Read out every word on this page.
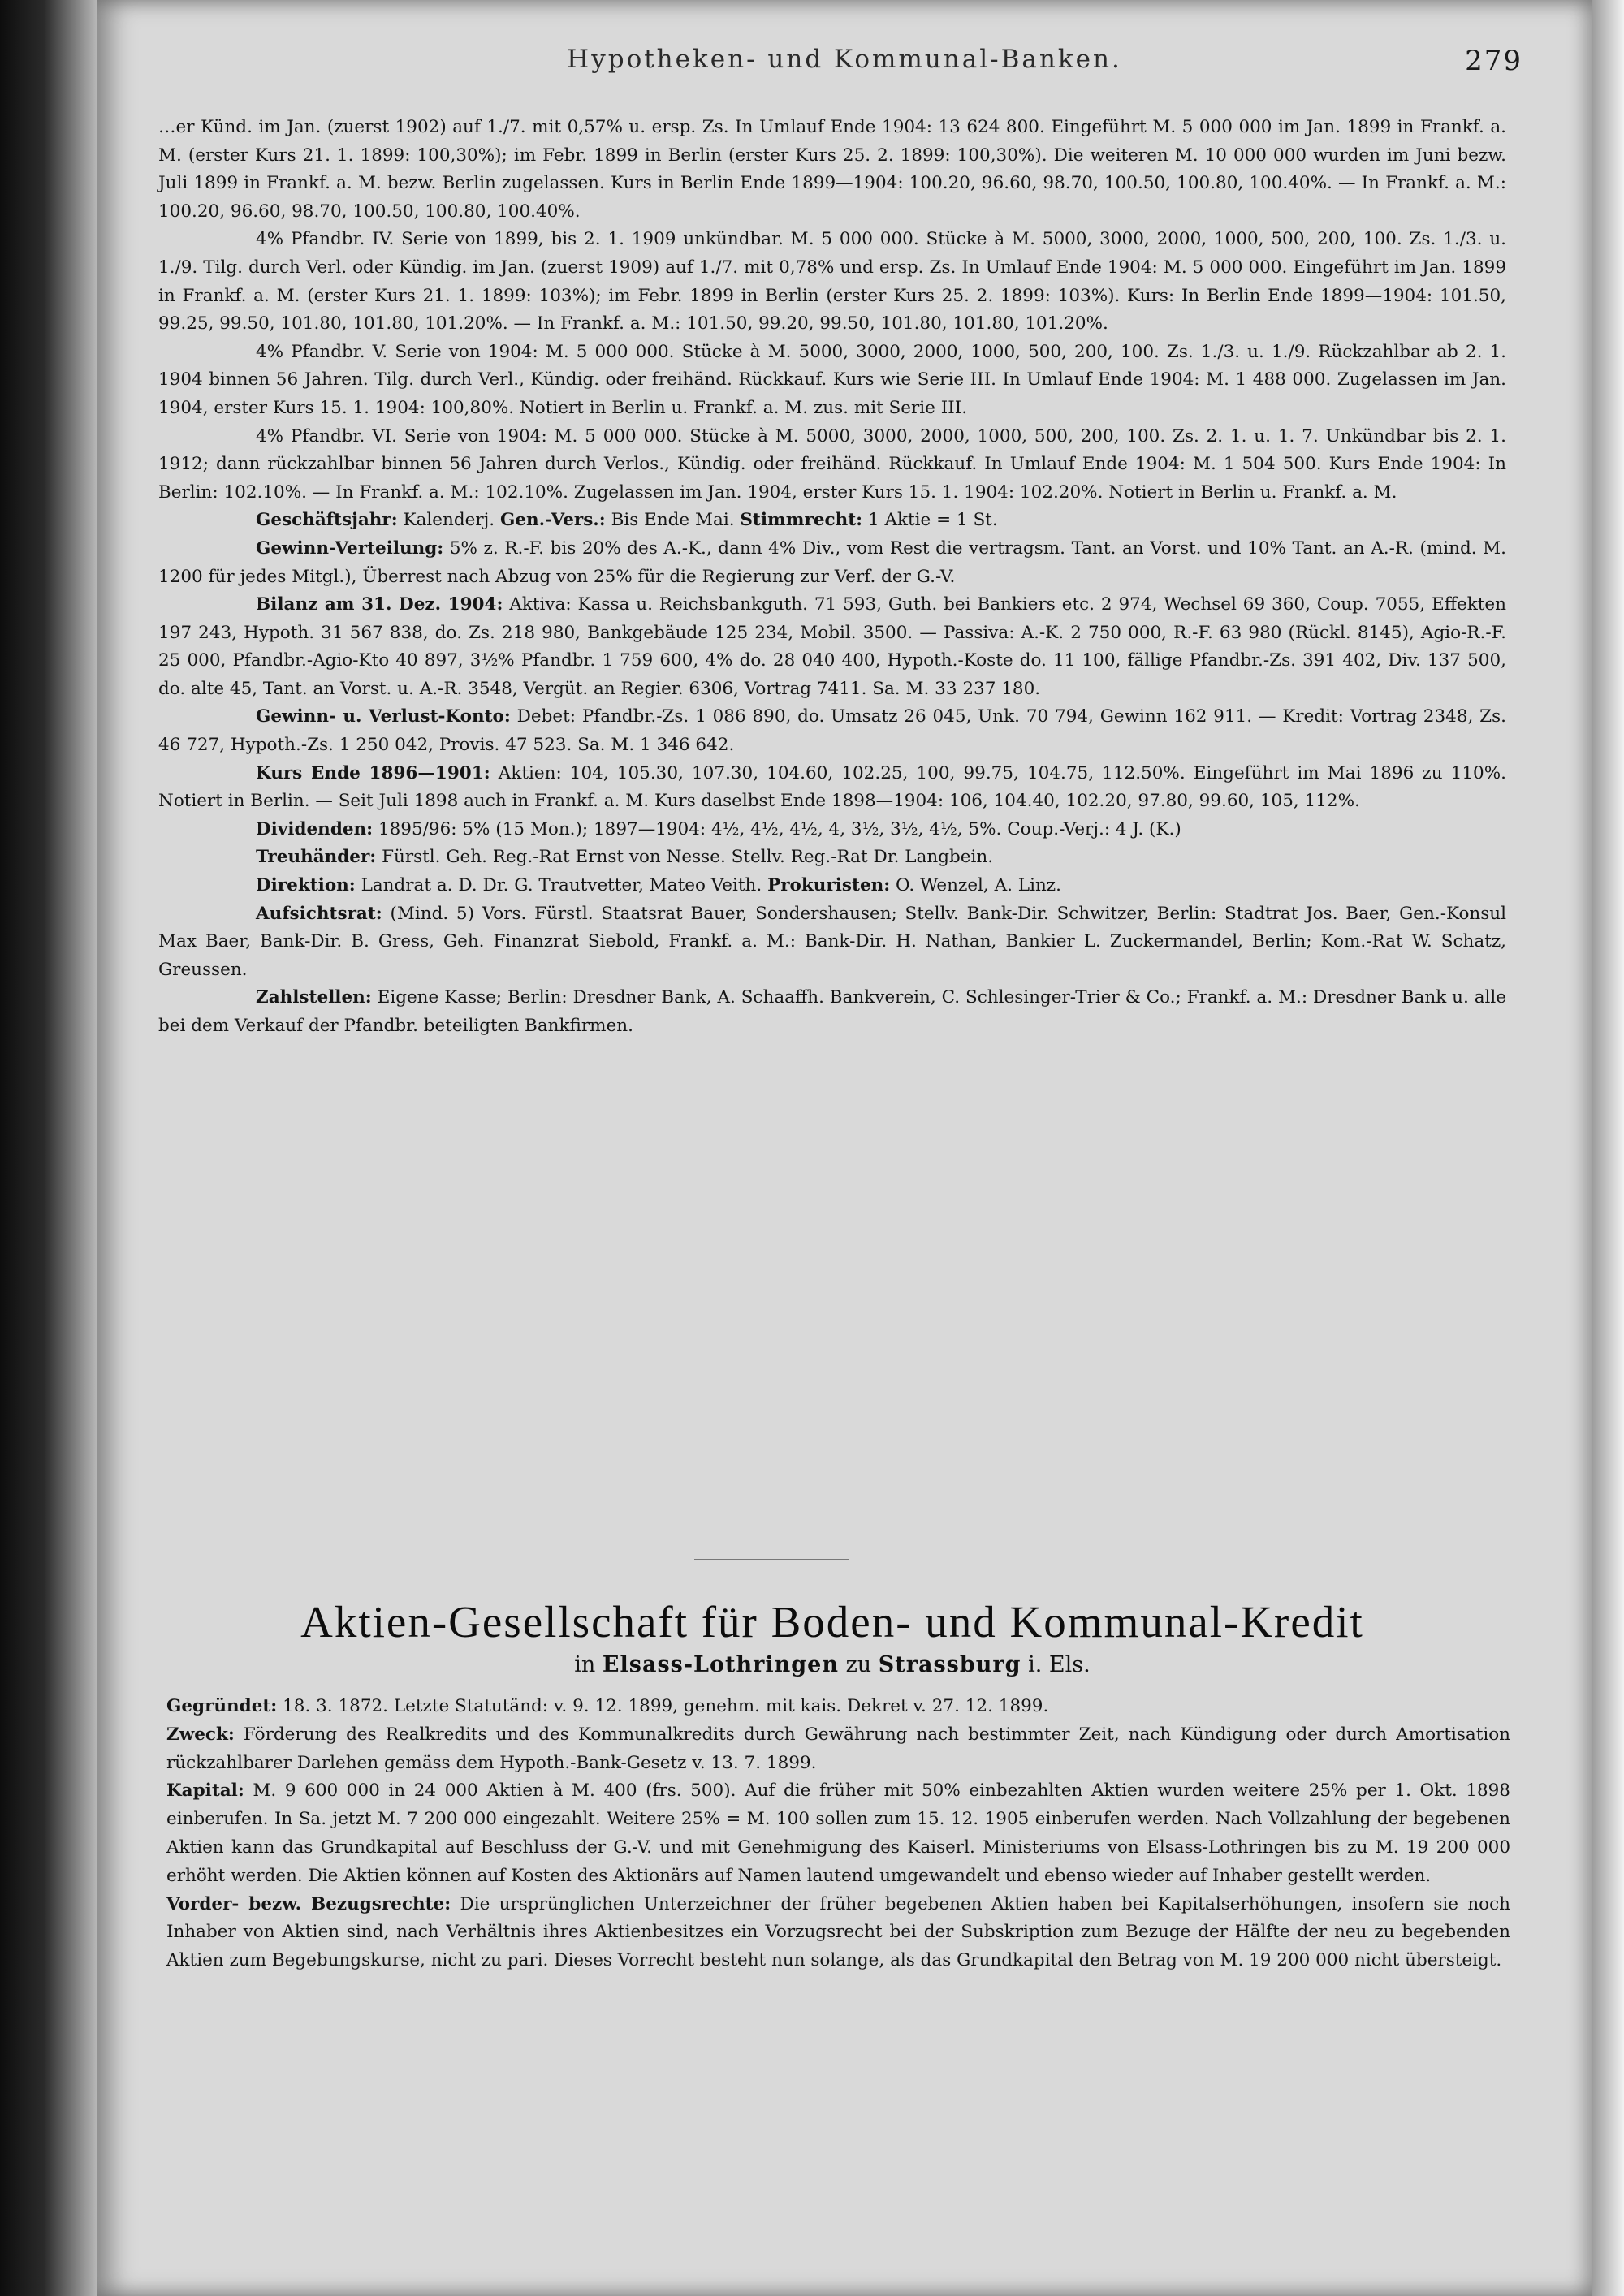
Hypotheken- und Kommunal-Banken.	279

…er Künd. im Jan. (zuerst 1902) auf 1./7. mit 0,57% u. ersp. Zs. In Umlauf Ende 1904: 13 624 800. Eingeführt M. 5 000 000 im Jan. 1899 in Frankf. a. M. (erster Kurs 21. 1. 1899: 100,30%); im Febr. 1899 in Berlin (erster Kurs 25. 2. 1899: 100,30%). Die weiteren M. 10 000 000 wurden im Juni bezw. Juli 1899 in Frankf. a. M. bezw. Berlin zugelassen. Kurs in Berlin Ende 1899—1904: 100.20, 96.60, 98.70, 100.50, 100.80, 100.40%. — In Frankf. a. M.: 100.20, 96.60, 98.70, 100.50, 100.80, 100.40%.

4% Pfandbr. IV. Serie von 1899, bis 2. 1. 1909 unkündbar. M. 5 000 000. Stücke à M. 5000, 3000, 2000, 1000, 500, 200, 100. Zs. 1./3. u. 1./9. Tilg. durch Verl. oder Kündig. im Jan. (zuerst 1909) auf 1./7. mit 0,78% und ersp. Zs. In Umlauf Ende 1904: M. 5 000 000. Eingeführt im Jan. 1899 in Frankf. a. M. (erster Kurs 21. 1. 1899: 103%); im Febr. 1899 in Berlin (erster Kurs 25. 2. 1899: 103%). Kurs: In Berlin Ende 1899—1904: 101.50, 99.25, 99.50, 101.80, 101.80, 101.20%. — In Frankf. a. M.: 101.50, 99.20, 99.50, 101.80, 101.80, 101.20%.

4% Pfandbr. V. Serie von 1904: M. 5 000 000. Stücke à M. 5000, 3000, 2000, 1000, 500, 200, 100. Zs. 1./3. u. 1./9. Rückzahlbar ab 2. 1. 1904 binnen 56 Jahren. Tilg. durch Verl., Kündig. oder freihänd. Rückkauf. Kurs wie Serie III. In Umlauf Ende 1904: M. 1 488 000. Zugelassen im Jan. 1904, erster Kurs 15. 1. 1904: 100,80%. Notiert in Berlin u. Frankf. a. M. zus. mit Serie III.

4% Pfandbr. VI. Serie von 1904: M. 5 000 000. Stücke à M. 5000, 3000, 2000, 1000, 500, 200, 100. Zs. 2. 1. u. 1. 7. Unkündbar bis 2. 1. 1912; dann rückzahlbar binnen 56 Jahren durch Verlos., Kündig. oder freihänd. Rückkauf. In Umlauf Ende 1904: M. 1 504 500. Kurs Ende 1904: In Berlin: 102.10%. — In Frankf. a. M.: 102.10%. Zugelassen im Jan. 1904, erster Kurs 15. 1. 1904: 102.20%. Notiert in Berlin u. Frankf. a. M.

Geschäftsjahr: Kalenderj. Gen.-Vers.: Bis Ende Mai. Stimmrecht: 1 Aktie = 1 St.

Gewinn-Verteilung: 5% z. R.-F. bis 20% des A.-K., dann 4% Div., vom Rest die vertragsm. Tant. an Vorst. und 10% Tant. an A.-R. (mind. M. 1200 für jedes Mitgl.), Überrest nach Abzug von 25% für die Regierung zur Verf. der G.-V.

Bilanz am 31. Dez. 1904: Aktiva: Kassa u. Reichsbankguth. 71 593, Guth. bei Bankiers etc. 2 974, Wechsel 69 360, Coup. 7055, Effekten 197 243, Hypoth. 31 567 838, do. Zs. 218 980, Bankgebäude 125 234, Mobil. 3500. — Passiva: A.-K. 2 750 000, R.-F. 63 980 (Rückl. 8145), Agio-R.-F. 25 000, Pfandbr.-Agio-Kto 40 897, 3½% Pfandbr. 1 759 600, 4% do. 28 040 400, Hypoth.-Koste do. 11 100, fällige Pfandbr.-Zs. 391 402, Div. 137 500, do. alte 45, Tant. an Vorst. u. A.-R. 3548, Vergüt. an Regier. 6306, Vortrag 7411. Sa. M. 33 237 180.

Gewinn- u. Verlust-Konto: Debet: Pfandbr.-Zs. 1 086 890, do. Umsatz 26 045, Unk. 70 794, Gewinn 162 911. — Kredit: Vortrag 2348, Zs. 46 727, Hypoth.-Zs. 1 250 042, Provis. 47 523. Sa. M. 1 346 642.

Kurs Ende 1896—1901: Aktien: 104, 105.30, 107.30, 104.60, 102.25, 100, 99.75, 104.75, 112.50%. Eingeführt im Mai 1896 zu 110%. Notiert in Berlin. — Seit Juli 1898 auch in Frankf. a. M. Kurs daselbst Ende 1898—1904: 106, 104.40, 102.20, 97.80, 99.60, 105, 112%.

Dividenden: 1895/96: 5% (15 Mon.); 1897—1904: 4½, 4½, 4½, 4, 3½, 3½, 4½, 5%. Coup.-Verj.: 4 J. (K.)

Treuhänder: Fürstl. Geh. Reg.-Rat Ernst von Nesse. Stellv. Reg.-Rat Dr. Langbein.

Direktion: Landrat a. D. Dr. G. Trautvetter, Mateo Veith. Prokuristen: O. Wenzel, A. Linz.

Aufsichtsrat: (Mind. 5) Vors. Fürstl. Staatsrat Bauer, Sondershausen; Stellv. Bank-Dir. Schwitzer, Berlin: Stadtrat Jos. Baer, Gen.-Konsul Max Baer, Bank-Dir. B. Gress, Geh. Finanzrat Siebold, Frankf. a. M.: Bank-Dir. H. Nathan, Bankier L. Zuckermandel, Berlin; Kom.-Rat W. Schatz, Greussen.

Zahlstellen: Eigene Kasse; Berlin: Dresdner Bank, A. Schaaffh. Bankverein, C. Schlesinger-Trier & Co.; Frankf. a. M.: Dresdner Bank u. alle bei dem Verkauf der Pfandbr. beteiligten Bankfirmen.

Aktien-Gesellschaft für Boden- und Kommunal-Kredit
in Elsass-Lothringen zu Strassburg i. Els.

Gegründet: 18. 3. 1872. Letzte Statutänd: v. 9. 12. 1899, genehm. mit kais. Dekret v. 27. 12. 1899.

Zweck: Förderung des Realkredits und des Kommunalkredits durch Gewährung nach bestimmter Zeit, nach Kündigung oder durch Amortisation rückzahlbarer Darlehen gemäss dem Hypoth.-Bank-Gesetz v. 13. 7. 1899.

Kapital: M. 9 600 000 in 24 000 Aktien à M. 400 (frs. 500). Auf die früher mit 50% einbezahlten Aktien wurden weitere 25% per 1. Okt. 1898 einberufen. In Sa. jetzt M. 7 200 000 eingezahlt. Weitere 25% = M. 100 sollen zum 15. 12. 1905 einberufen werden. Nach Vollzahlung der begebenen Aktien kann das Grundkapital auf Beschluss der G.-V. und mit Genehmigung des Kaiserl. Ministeriums von Elsass-Lothringen bis zu M. 19 200 000 erhöht werden. Die Aktien können auf Kosten des Aktionärs auf Namen lautend umgewandelt und ebenso wieder auf Inhaber gestellt werden.

Vorder- bezw. Bezugsrechte: Die ursprünglichen Unterzeichner der früher begebenen Aktien haben bei Kapitalserhöhungen, insofern sie noch Inhaber von Aktien sind, nach Verhältnis ihres Aktienbesitzes ein Vorzugsrecht bei der Subskription zum Bezuge der Hälfte der neu zu begebenden Aktien zum Begebungskurse, nicht zu pari. Dieses Vorrecht besteht nun solange, als das Grundkapital den Betrag von M. 19 200 000 nicht übersteigt.
